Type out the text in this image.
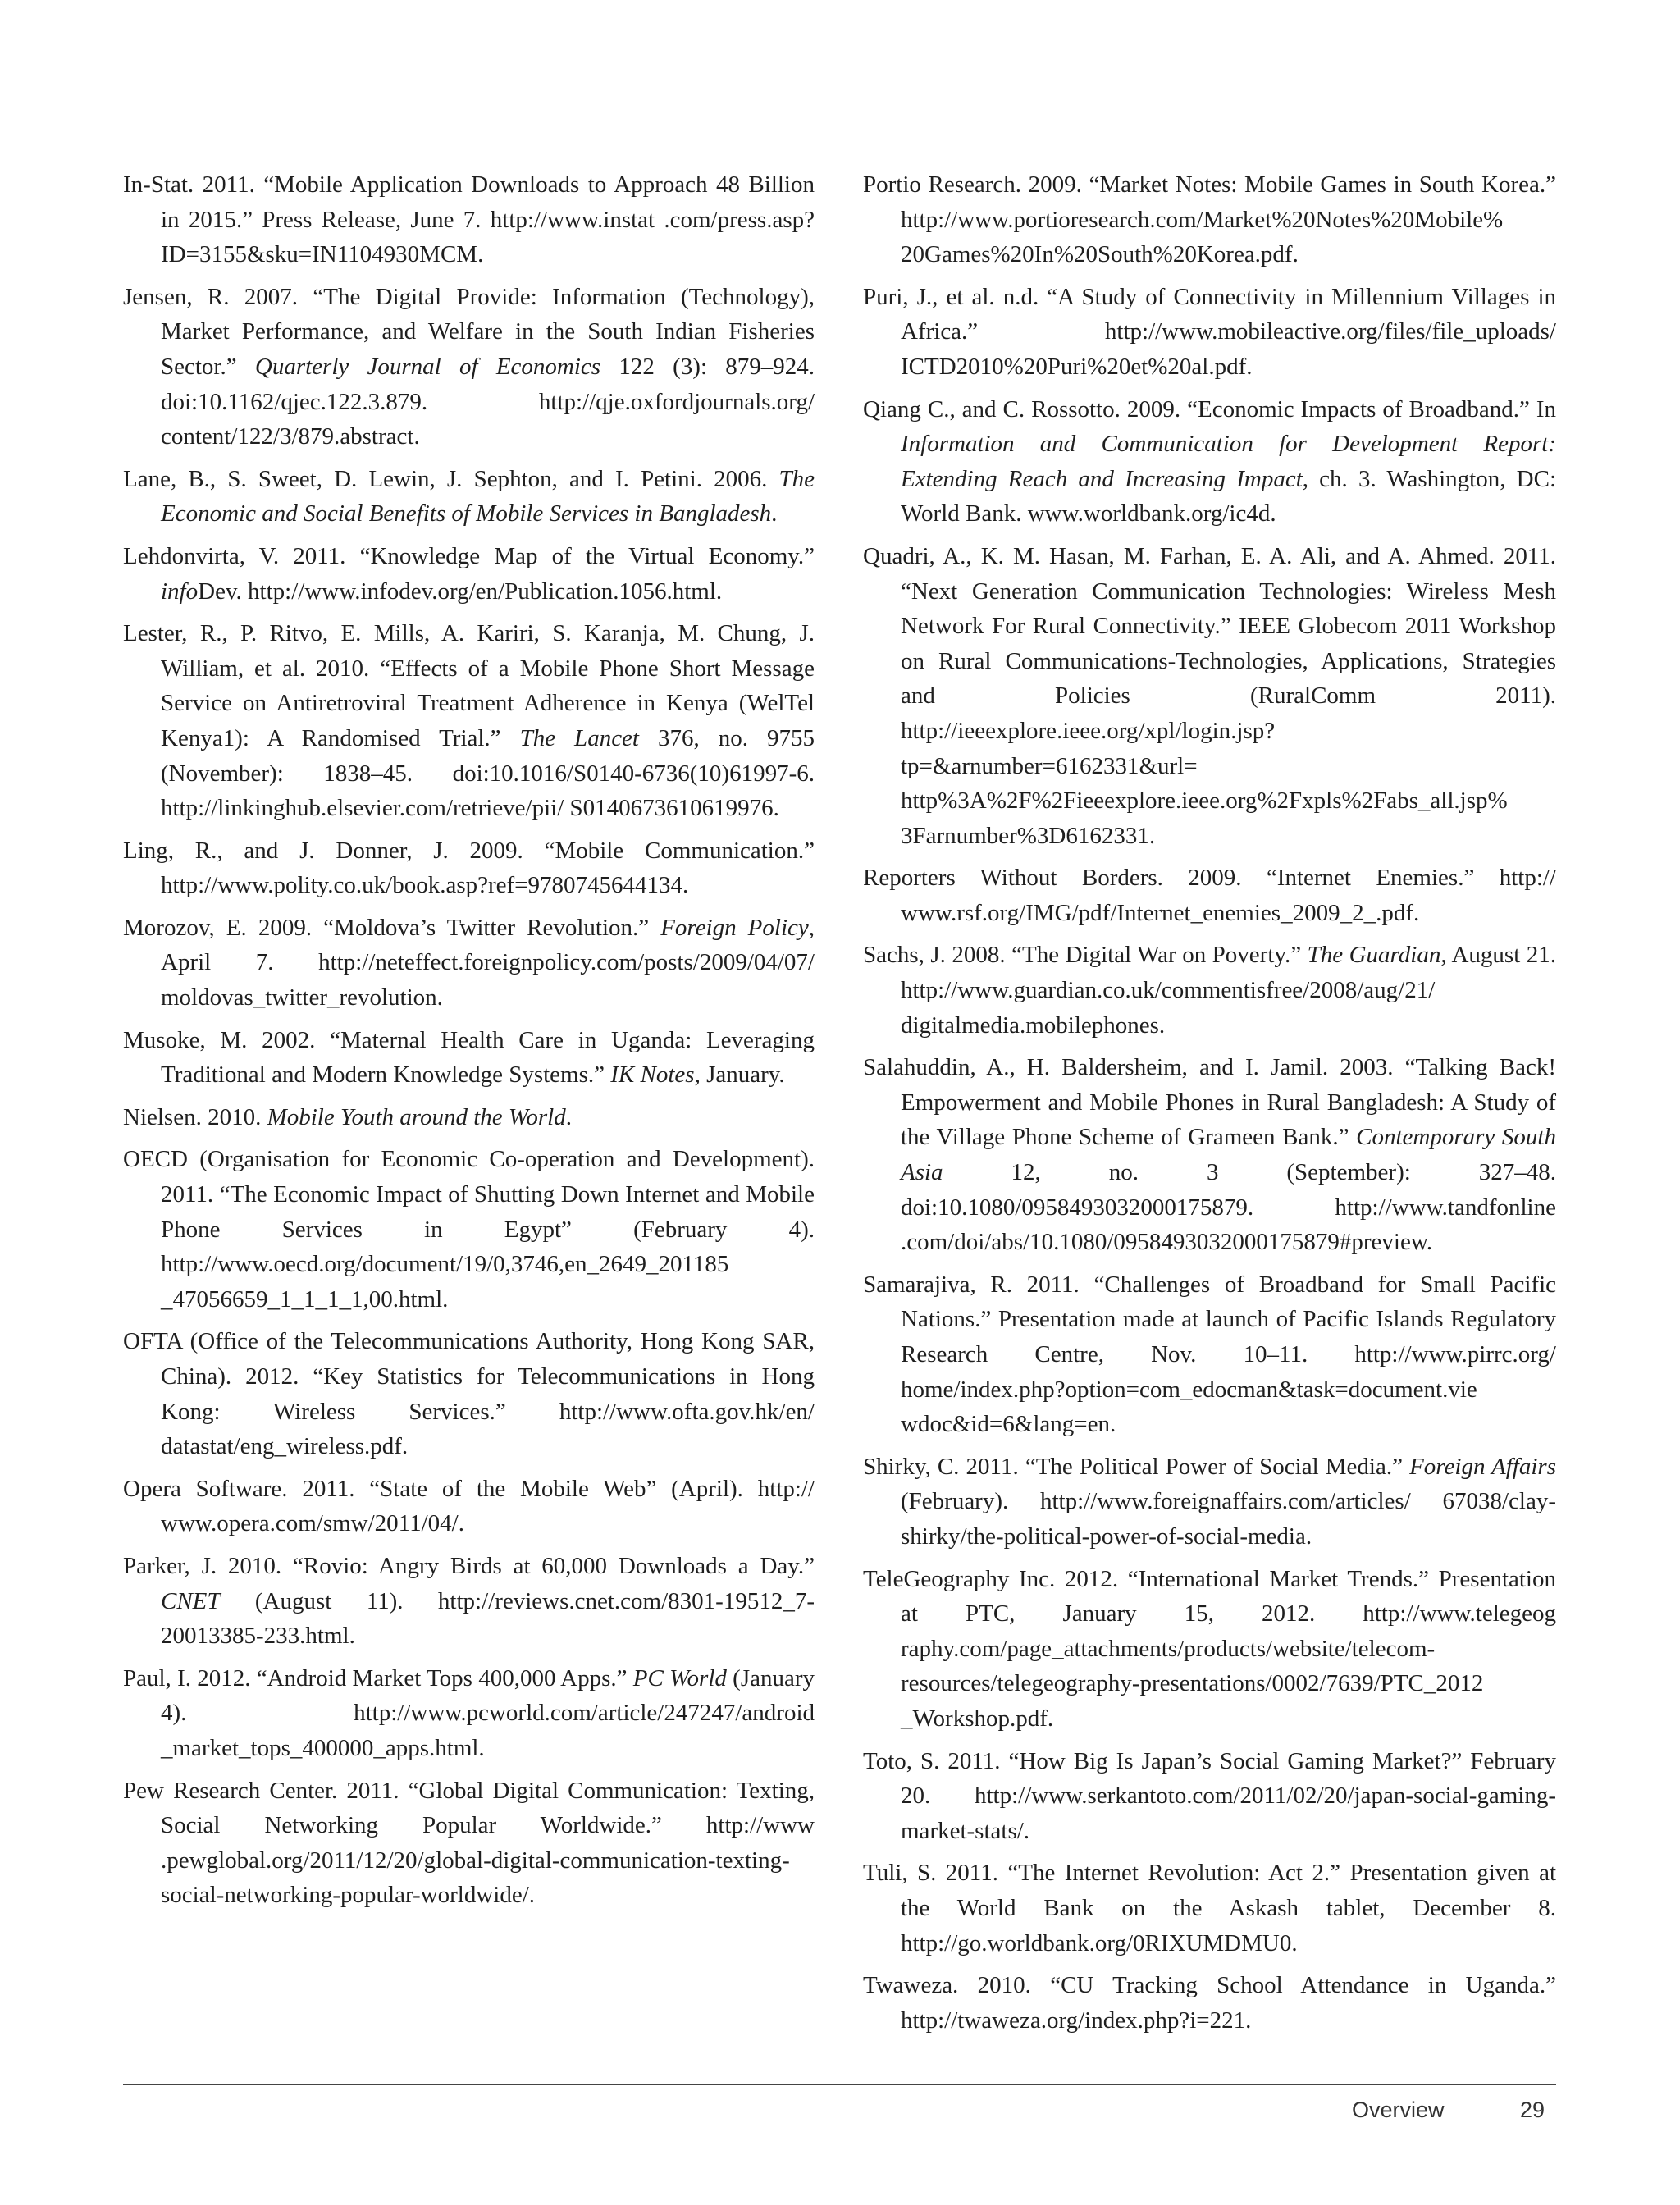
In-Stat. 2011. “Mobile Application Downloads to Approach 48 Billion in 2015.” Press Release, June 7. http://www.instat .com/press.asp?ID=3155&sku=IN1104930MCM.

Jensen, R. 2007. “The Digital Provide: Information (Technology), Market Performance, and Welfare in the South Indian Fisheries Sector.” Quarterly Journal of Economics 122 (3): 879–924. doi:10.1162/qjec.122.3.879. http://qje.oxfordjournals.org/ content/122/3/879.abstract.

Lane, B., S. Sweet, D. Lewin, J. Sephton, and I. Petini. 2006. The Economic and Social Benefits of Mobile Services in Bangladesh.

Lehdonvirta, V. 2011. “Knowledge Map of the Virtual Economy.” infoDev. http://www.infodev.org/en/Publication.1056.html.

Lester, R., P. Ritvo, E. Mills, A. Kariri, S. Karanja, M. Chung, J. William, et al. 2010. “Effects of a Mobile Phone Short Message Service on Antiretroviral Treatment Adherence in Kenya (WelTel Kenya1): A Randomised Trial.” The Lancet 376, no. 9755 (November): 1838–45. doi:10.1016/S0140-6736(10)61997-6. http://linkinghub.elsevier.com/retrieve/pii/ S0140673610619976.

Ling, R., and J. Donner, J. 2009. “Mobile Communication.” http://www.polity.co.uk/book.asp?ref=9780745644134.

Morozov, E. 2009. “Moldova’s Twitter Revolution.” Foreign Policy, April 7. http://neteffect.foreignpolicy.com/posts/2009/04/07/ moldovas_twitter_revolution.

Musoke, M. 2002. “Maternal Health Care in Uganda: Leveraging Traditional and Modern Knowledge Systems.” IK Notes, January.

Nielsen. 2010. Mobile Youth around the World.

OECD (Organisation for Economic Co-operation and Development). 2011. “The Economic Impact of Shutting Down Internet and Mobile Phone Services in Egypt” (February 4). http://www.oecd.org/document/19/0,3746,en_2649_201185 _47056659_1_1_1_1,00.html.

OFTA (Office of the Telecommunications Authority, Hong Kong SAR, China). 2012. “Key Statistics for Telecommunications in Hong Kong: Wireless Services.” http://www.ofta.gov.hk/en/ datastat/eng_wireless.pdf.

Opera Software. 2011. “State of the Mobile Web” (April). http:// www.opera.com/smw/2011/04/.

Parker, J. 2010. “Rovio: Angry Birds at 60,000 Downloads a Day.” CNET (August 11). http://reviews.cnet.com/8301-19512_7-20013385-233.html.

Paul, I. 2012. “Android Market Tops 400,000 Apps.” PC World (January 4). http://www.pcworld.com/article/247247/android _market_tops_400000_apps.html.

Pew Research Center. 2011. “Global Digital Communication: Texting, Social Networking Popular Worldwide.” http://www .pewglobal.org/2011/12/20/global-digital-communication-texting-social-networking-popular-worldwide/.

Portio Research. 2009. “Market Notes: Mobile Games in South Korea.” http://www.portioresearch.com/Market%20Notes%20Mobile% 20Games%20In%20South%20Korea.pdf.

Puri, J., et al. n.d. “A Study of Connectivity in Millennium Villages in Africa.” http://www.mobileactive.org/files/file_uploads/ ICTD2010%20Puri%20et%20al.pdf.

Qiang C., and C. Rossotto. 2009. “Economic Impacts of Broadband.” In Information and Communication for Development Report: Extending Reach and Increasing Impact, ch. 3. Washington, DC: World Bank. www.worldbank.org/ic4d.

Quadri, A., K. M. Hasan, M. Farhan, E. A. Ali, and A. Ahmed. 2011. “Next Generation Communication Technologies: Wireless Mesh Network For Rural Connectivity.” IEEE Globecom 2011 Workshop on Rural Communications-Technologies, Applications, Strategies and Policies (RuralComm 2011). http://ieeexplore.ieee.org/xpl/login.jsp?tp=&arnumber=6162331&url= http%3A%2F%2Fieeexplore.ieee.org%2Fxpls%2Fabs_all.jsp% 3Farnumber%3D6162331.

Reporters Without Borders. 2009. “Internet Enemies.” http:// www.rsf.org/IMG/pdf/Internet_enemies_2009_2_.pdf.

Sachs, J. 2008. “The Digital War on Poverty.” The Guardian, August 21. http://www.guardian.co.uk/commentisfree/2008/aug/21/ digitalmedia.mobilephones.

Salahuddin, A., H. Baldersheim, and I. Jamil. 2003. “Talking Back! Empowerment and Mobile Phones in Rural Bangladesh: A Study of the Village Phone Scheme of Grameen Bank.” Contemporary South Asia 12, no. 3 (September): 327–48. doi:10.1080/0958493032000175879. http://www.tandfonline .com/doi/abs/10.1080/0958493032000175879#preview.

Samarajiva, R. 2011. “Challenges of Broadband for Small Pacific Nations.” Presentation made at launch of Pacific Islands Regulatory Research Centre, Nov. 10–11. http://www.pirrc.org/ home/index.php?option=com_edocman&task=document.vie wdoc&id=6&lang=en.

Shirky, C. 2011. “The Political Power of Social Media.” Foreign Affairs (February). http://www.foreignaffairs.com/articles/ 67038/clay-shirky/the-political-power-of-social-media.

TeleGeography Inc. 2012. “International Market Trends.” Presentation at PTC, January 15, 2012. http://www.telegeog raphy.com/page_attachments/products/website/telecom-resources/telegeography-presentations/0002/7639/PTC_2012 _Workshop.pdf.

Toto, S. 2011. “How Big Is Japan’s Social Gaming Market?” February 20. http://www.serkantoto.com/2011/02/20/japan-social-gaming-market-stats/.

Tuli, S. 2011. “The Internet Revolution: Act 2.” Presentation given at the World Bank on the Askash tablet, December 8. http://go.worldbank.org/0RIXUMDMU0.

Twaweza. 2010. “CU Tracking School Attendance in Uganda.” http://twaweza.org/index.php?i=221.

Overview	29
